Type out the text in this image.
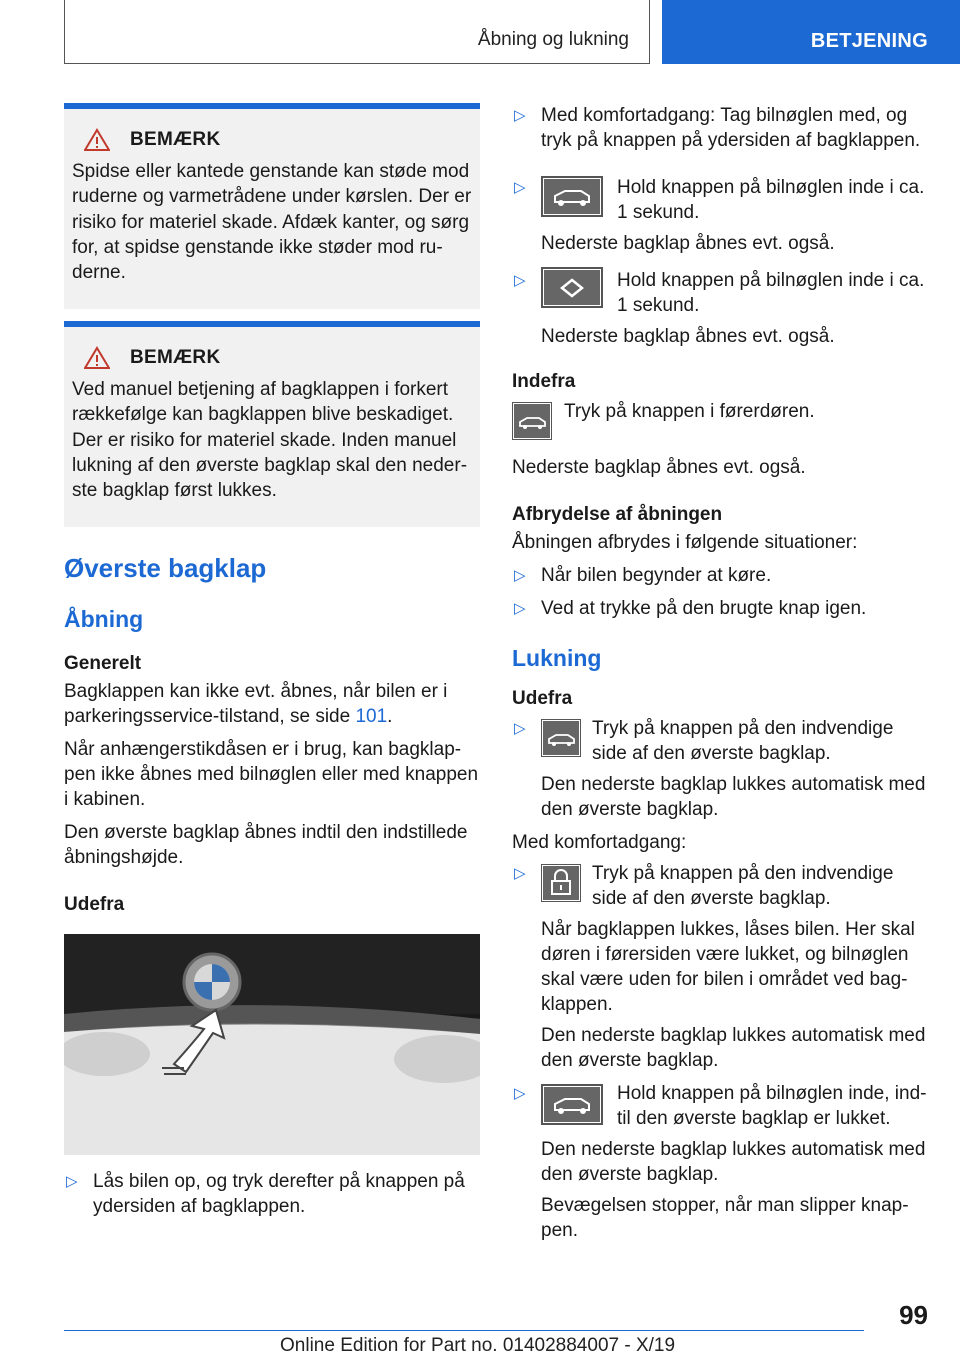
Åbning og lukning	BETJENING
BEMÆRK
Spidse eller kantede genstande kan støde mod ruderne og varmetrådene under kørslen. Der er risiko for materiel skade. Afdæk kanter, og sørg for, at spidse genstande ikke støder mod ru-derne.
BEMÆRK
Ved manuel betjening af bagklappen i forkert rækkefølge kan bagklappen blive beskadiget. Der er risiko for materiel skade. Inden manuel lukning af den øverste bagklap skal den neder-ste bagklap først lukkes.
Øverste bagklap
Åbning
Generelt
Bagklappen kan ikke evt. åbnes, når bilen er i parkeringsservice-tilstand, se side 101.
Når anhængerstikdåsen er i brug, kan bagklap-pen ikke åbnes med bilnøglen eller med knappen i kabinen.
Den øverste bagklap åbnes indtil den indstillede åbningshøjde.
Udefra
▷ Lås bilen op, og tryk derefter på knappen på ydersiden af bagklappen.
▷ Med komfortadgang: Tag bilnøglen med, og tryk på knappen på ydersiden af bagklappen.
▷	Hold knappen på bilnøglen inde i ca. 1 sekund.
Nederste bagklap åbnes evt. også.
▷	Hold knappen på bilnøglen inde i ca. 1 sekund.
Nederste bagklap åbnes evt. også.
Indefra
Tryk på knappen i førerdøren.
Nederste bagklap åbnes evt. også.
Afbrydelse af åbningen
Åbningen afbrydes i følgende situationer:
▷ Når bilen begynder at køre.
▷ Ved at trykke på den brugte knap igen.
Lukning
Udefra
▷	Tryk på knappen på den indvendige side af den øverste bagklap.
Den nederste bagklap lukkes automatisk med den øverste bagklap.
Med komfortadgang:
▷	Tryk på knappen på den indvendige side af den øverste bagklap.
Når bagklappen lukkes, låses bilen. Her skal døren i førersiden være lukket, og bilnøglen skal være uden for bilen i området ved bag-klappen.
Den nederste bagklap lukkes automatisk med den øverste bagklap.
▷	Hold knappen på bilnøglen inde, ind-til den øverste bagklap er lukket.
Den nederste bagklap lukkes automatisk med den øverste bagklap.
Bevægelsen stopper, når man slipper knap-pen.
99
Online Edition for Part no. 01402884007 - X/19
